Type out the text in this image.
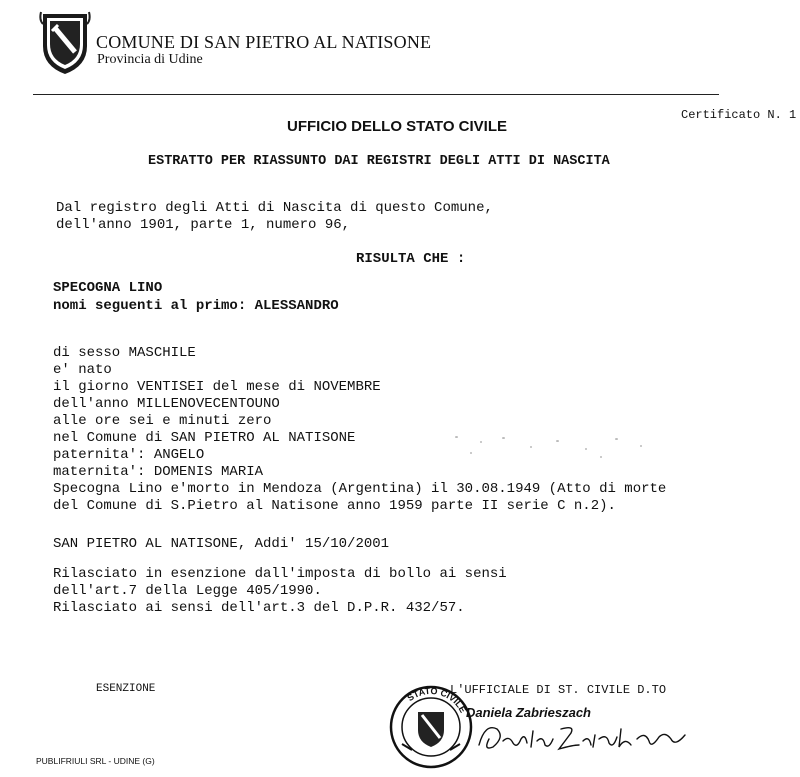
COMUNE DI SAN PIETRO AL NATISONE
Provincia di Udine
Certificato N. 1
UFFICIO DELLO STATO CIVILE
ESTRATTO PER RIASSUNTO DAI REGISTRI DEGLI ATTI DI NASCITA
Dal registro degli Atti di Nascita di questo Comune,
dell'anno 1901, parte 1, numero 96,
RISULTA CHE :
SPECOGNA LINO
nomi seguenti al primo: ALESSANDRO
di sesso MASCHILE
e' nato
il giorno VENTISEI del mese di NOVEMBRE
dell'anno MILLENOVECENTOUNO
alle ore sei e minuti zero
nel Comune di SAN PIETRO AL NATISONE
paternita': ANGELO
maternita': DOMENIS MARIA
Specogna Lino e'morto in Mendoza (Argentina) il 30.08.1949 (Atto di morte
del Comune di S.Pietro al Natisone anno 1959 parte II serie C n.2).
SAN PIETRO AL NATISONE, Addi' 15/10/2001
Rilasciato in esenzione dall'imposta di bollo ai sensi
dell'art.7 della Legge 405/1990.
Rilasciato ai sensi dell'art.3 del D.P.R. 432/57.
ESENZIONE
STATO CIVILE
L'UFFICIALE DI ST. CIVILE D.TO
Daniela Zabrieszach
PUBLIFRIULI SRL - UDINE (G)
